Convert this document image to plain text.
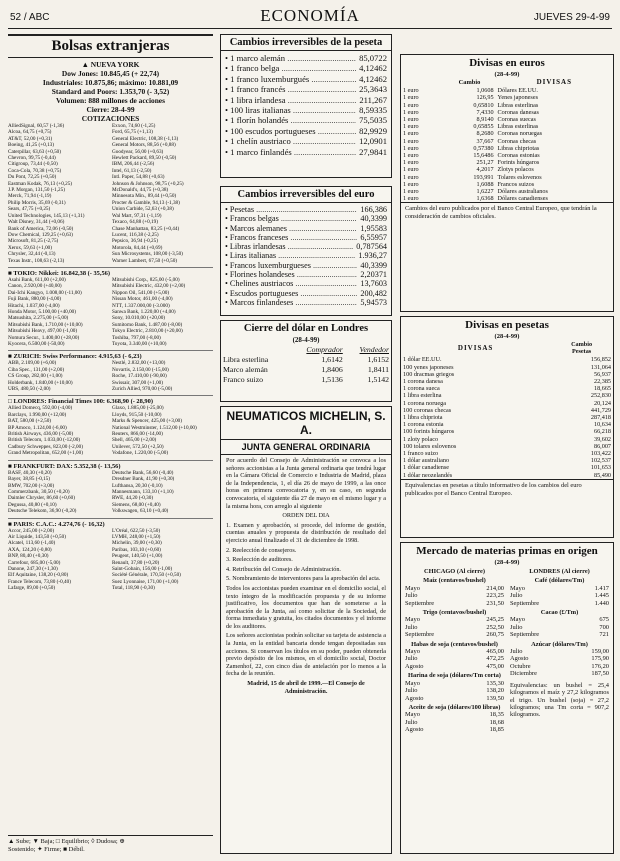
52 / ABC	ECONOMÍA	JUEVES 29-4-99
Bolsas extranjeras
▲ NUEVA YORK
Dow Jones: 10.845,45 (+ 22,74)
Industriales: 10.875,86; máximo: 10.881,09
Standard and Poors: 1.353,70 (- 3,52)
Volumen: 888 millones de acciones
Cierre: 28-4-99
COTIZACIONES
AlliedSignal, 60,57 (-1,36)	Exxon, 74,60 (-1,25)
Alcoa, 64,75 (+0,75)	Ford, 65,75 (+1,13)
AT&T, 52,00 (+0,31)	General Electric, 108,38 (-1,13)
Boeing, 41,25 (+0,13)	General Motors, 88,56 (+0,88)
Caterpillar, 63,63 (+0,50)	Goodyear, 56,00 (+0,63)
Chevron, 99,75 (-0,44)	Hewlett Packard, 89,50 (-0,50)
Citigroup, 73,44 (-0,50)	IBM, 206,44 (-2,56)
Coca-Cola, 70,38 (+0,75)	Intel, 61,13 (-2,50)
Du Pont, 72,25 (+0,50)	Intl. Paper, 54,88 (+0,63)
Eastman Kodak, 76,13 (+0,25)	Johnson & Johnson, 98,75 (+0,25)
J.P. Morgan, 131,50 (-1,25)	McDonald's, 44,75 (+0,38)
Merck, 71,94 (-1,19)	Minnesota Min., 89,44 (+0,50)
Philip Morris, 35,69 (-0,31)	Procter & Gamble, 94,13 (-1,38)
Sears, 47,75 (+0,25)	Union Carbide, 52,63 (+0,38)
United Technologies, 145,13 (+1,31)	Wal Mart, 97,31 (-1,19)
Walt Disney, 31,44 (+0,06)	Texaco, 64,88 (+0,19)
Bank of America, 72,06 (-0,50)	Chase Manhattan, 83,25 (+0,44)
Dow Chemical, 129,25 (+0,63)	Lucent, 116,38 (-2,25)
Microsoft, 81,25 (-2,75)	Pepsico, 36,94 (-0,25)
Xerox, 59,63 (+1,00)	Motorola, 84,44 (+0,69)
Chrysler, 32,44 (-0,13)	Sun Microsystems, 108,00 (-3,50)
Texas Instr., 108,63 (-2,13)	Warner Lambert, 67,50 (+0,50)
■ TOKIO: Nikkei: 16.842,38 (- 35,56)
Asahi Bank, 611,00 (+2,00)	Mitsubishi Corp., 825,00 (-5,00)
Canon, 2.920,00 (+40,00)	Mitsubishi Electric, 432,00 (+2,00)
Dai-Ichi Kangyo, 1.008,00 (-11,00)	Nippon Oil, 541,00 (+5,00)
Fuji Bank, 880,00 (-4,00)	Nissan Motor, 461,00 (-4,00)
Hitachi, 1.037,00 (-4,00)	NTT, 1.337.000,00 (-3.000)
Honda Motor, 5.100,00 (+40,00)	Sanwa Bank, 1.220,00 (+4,00)
Matsushita, 2.275,00 (+5,00)	Sony, 10.010,00 (+20,00)
Mitsubishi Bank, 1.710,00 (+10,00)	Sumitomo Bank, 1.487,00 (-8,00)
Mitsubishi Heavy, 497,00 (-1,00)	Tokyo Electric, 2.810,00 (+20,00)
Nomura Secur., 1.400,00 (+28,00)	Toshiba, 797,00 (-8,00)
Kyocera, 6.500,00 (-50,00)	Toyota, 3.340,00 (+10,00)
■ ZURICH: Swiss Performance: 4.915,63 (- 6,23)
ABB, 2.109,00 (+6,00)	Nestlé, 2.832,00 (+13,00)
Ciba Spec., 131,00 (+2,00)	Novartis, 2.150,00 (-15,00)
CS Group, 282,00 (+1,00)	Roche, 17.410,00 (-90,00)
Holderbank, 1.840,00 (+10,00)	Swissair, 307,00 (+1,00)
UBS, 480,50 (-2,00)	Zurich Allied, 970,00 (-5,00)
□ LONDRES: Financial Times 100: 6.368,90 (- 28,90)
Allied Domecq, 592,00 (-4,00)	Glaxo, 1.885,00 (-25,00)
Barclays, 1.990,00 (+12,00)	Lloyds, 915,50 (-10,00)
BAT, 580,00 (+2,50)	Marks & Spencer, 425,00 (+3,00)
BP Amoco, 1.124,00 (-6,00)	National Westminster, 1.512,00 (+10,00)
British Airways, 436,00 (-5,00)	Reuters, 866,00 (-14,00)
British Telecom, 1.033,00 (-12,00)	Shell, 465,00 (+2,00)
Cadbury Schweppes, 823,00 (-2,00)	Unilever, 572,50 (+2,50)
Grand Metropolitan, 652,00 (+1,00)	Vodafone, 1.220,00 (-5,00)
■ FRANKFURT: DAX: 5.352,38 (- 13,56)
BASF, 40,30 (+0,20)	Deutsche Bank, 56,60 (-0,40)
Bayer, 38,85 (-0,15)	Dresdner Bank, 41,90 (+0,30)
BMW, 702,00 (+3,00)	Lufthansa, 20,30 (-0,10)
Commerzbank, 30,50 (+0,20)	Mannesmann, 133,10 (+1,10)
Daimler Chrysler, 86,60 (+0,60)	RWE, 44,20 (-0,30)
Degussa, 40,80 (+0,10)	Siemens, 68,00 (+0,40)
Deutsche Telekom, 36,90 (-0,20)	Volkswagen, 63,10 (+0,40)
■ PARIS: C.A.C.: 4.274,76 (- 16,32)
Accor, 245,00 (+2,00)	L'Oréal, 622,50 (-3,50)
Air Liquide, 143,50 (+0,50)	LVMH, 248,00 (+1,50)
Alcatel, 113,60 (-1,40)	Michelin, 39,00 (+0,30)
AXA, 124,20 (-0,80)	Paribas, 103,10 (+0,60)
BNP, 80,40 (+0,30)	Peugeot, 140,50 (+1,00)
Carrefour, 685,00 (-5,00)	Renault, 37,80 (+0,20)
Danone, 247,30 (+1,30)	Saint-Gobain, 156,00 (-1,00)
Elf Aquitaine, 138,20 (-0,80)	Société Générale, 170,50 (+0,50)
France Telecom, 73,80 (-0,40)	Suez Lyonnaise, 171,00 (+1,00)
Lafarge, 89,00 (+0,50)	Total, 118,90 (-0,30)
▲ Sube; ▼ Baja; □ Equilibrio; ◊ Dudosa; ⊕
Sostenido; ✦ Firme; ■ Débil.
Cambios irreversibles de la peseta
• 1 marco alemán .....	85,0722
• 1 franco belga .....	4,12462
• 1 franco luxemburgués .....	4,12462
• 1 franco francés .....	25,3643
• 1 libra irlandesa .....	211,267
• 100 liras italianas .....	8,59335
• 1 florín holandés .....	75,5035
• 100 escudos portugueses .....	82,9929
• 1 chelín austriaco .....	12,0901
• 1 marco finlandés .....	27,9841
Cambios irreversibles del euro
• Pesetas .....	166,386
• Francos belgas .....	40,3399
• Marcos alemanes .....	1,95583
• Francos franceses .....	6,55957
• Libras irlandesas .....	0,787564
• Liras italianas .....	1.936,27
• Francos luxemburgueses .....	40,3399
• Florines holandeses .....	2,20371
• Chelines austriacos .....	13,7603
• Escudos portugueses .....	200,482
• Marcos finlandeses .....	5,94573
Cierre del dólar en Londres
(28-4-99)
	Comprador	Vendedor
Libra esterlina	1,6142	1,6152
Marco alemán	1,8406	1,8411
Franco suizo	1,5136	1,5142
NEUMATICOS MICHELIN, S. A.
JUNTA GENERAL ORDINARIA

Por acuerdo del Consejo de Administración se convoca a los señores accionistas a la Junta general ordinaria que tendrá lugar en la Cámara Oficial de Comercio e Industria de Madrid, plaza de la Independencia, 1, el día 26 de mayo de 1999, a las once horas en primera convocatoria y, en su caso, en segunda convocatoria, el siguiente día 27 de mayo en el mismo lugar y a la misma hora, con arreglo al siguiente

ORDEN DEL DIA

1. Examen y aprobación, si procede, del informe de gestión, cuentas anuales y propuesta de distribución de resultado del ejercicio anual finalizado el 31 de diciembre de 1998.

2. Reelección de consejeros.

3. Reelección de auditores.

4. Retribución del Consejo de Administración.

5. Nombramiento de interventores para la aprobación del acta.

Todos los accionistas pueden examinar en el domicilio social, el texto íntegro de la modificación propuesta y de su informe justificativo, los documentos que han de someterse a la aprobación de la Junta, así como solicitar de la Sociedad, de forma inmediata y gratuita, los citados documentos y el informe de los auditores.

Los señores accionistas podrán solicitar su tarjeta de asistencia a la Junta, en la entidad bancaria donde tengan depositadas sus acciones. Si conservan los títulos en su poder, pueden obtenerla previo depósito de los mismos, en el domicilio social, Doctor Zamenhof, 22, con cinco días de antelación por lo menos a la fecha de la reunión.

Madrid, 15 de abril de 1999.—El Consejo de Administración.

Divisas en euros
(28-4-99)
	Cambio	DIVISAS
1 euro	1,0608	Dólares EE.UU.
1 euro	126,95	Yenes japoneses
1 euro	0,65810	Libras esterlinas
1 euro	7,4330	Coronas danesas
1 euro	8,9140	Coronas suecas
1 euro	0,65855	Libras esterlinas
1 euro	8,2680	Coronas noruegas
1 euro	37,667	Coronas checas
1 euro	0,57380	Libras chipriotas
1 euro	15,6486	Coronas estonias
1 euro	251,27	Forints húngaros
1 euro	4,2017	Zlotys polacos
1 euro	193,991	Tolares eslovenos
1 euro	1,6088	Francos suizos
1 euro	1,6227	Dólares australianos
1 euro	1,6368	Dólares canadienses
Cambios del euro publicados por el Banco Central Europeo, que tendrán la consideración de cambios oficiales.
Divisas en pesetas
(28-4-99)
DIVISAS	Cambio
Pesetas
1 dólar EE.UU.	156,852
100 yenes japoneses	131,064
100 dracmas griegos	56,937
1 corona danesa	22,385
1 corona sueca	18,665
1 libra esterlina	252,830
1 corona noruega	20,124
100 coronas checas	441,729
1 libra chipriota	287,418
1 corona estonia	10,634
100 forints húngaros	66,218
1 zloty polaco	39,602
100 tolares eslovenos	86,007
1 franco suizo	103,422
1 dólar australiano	102,537
1 dólar canadiense	101,653
1 dólar neozelandés	85,490
Equivalencias en pesetas a título informativo de los cambios del euro publicados por el Banco Central Europeo.
Mercado de materias primas en origen
(28-4-99)
CHICAGO (Al cierre)
Maíz (centavos/bushel)
Mayo	214,00
Julio	223,25
Septiembre	231,50
Trigo (centavos/bushel)
Mayo	245,25
Julio	252,50
Septiembre	260,75
Habas de soja (centavos/bushel)
Mayo	465,00
Julio	472,25
Agosto	475,00
Harina de soja (dólares/Tm corta)
Mayo	135,30
Julio	138,20
Agosto	139,50
Aceite de soja (dólares/100 libras)
Mayo	18,35
Julio	18,68
Agosto	18,85
LONDRES (Al cierre)
Café (dólares/Tm)
Mayo	1.417
Julio	1.445
Septiembre	1.440
Cacao (£/Tm)
Mayo	675
Julio	700
Septiembre	721
Azúcar (dólares/Tm)
Julio	159,00
Agosto	175,90
Octubre	176,20
Diciembre	187,50
Equivalencias: un bushel = 25,4 kilogramos el maíz y 27,2 kilogramos el trigo. Un bushel (soja) = 27,2 kilogramos; una Tm corta = 907,2 kilogramos.
